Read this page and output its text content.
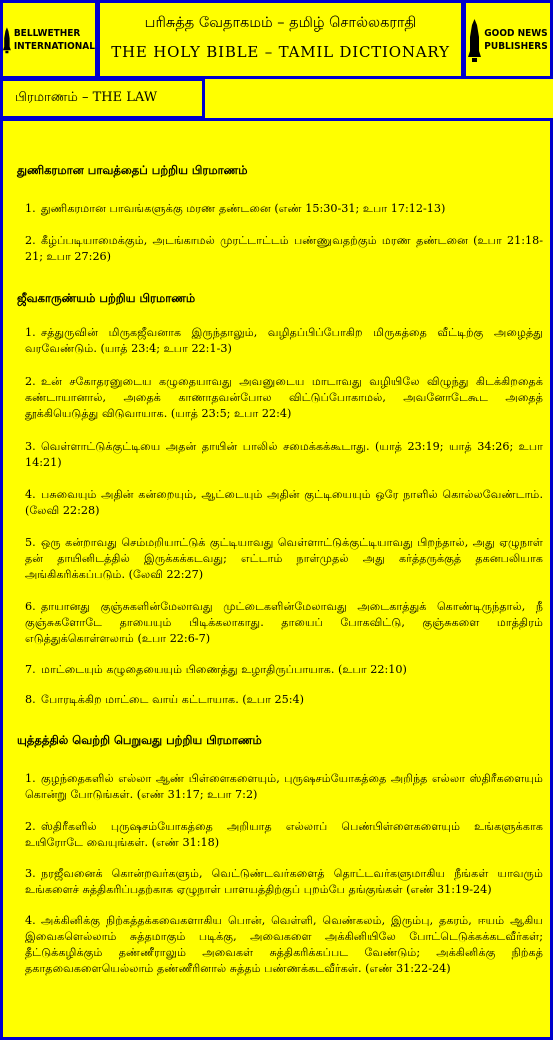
BELLWETHER
INTERNATIONAL
பரிசுத்த வேதாகமம் – தமிழ் சொல்லகராதி
THE HOLY BIBLE – TAMIL DICTIONARY
GOOD NEWS
PUBLISHERS
பிரமாணம் – THE LAW
துணிகரமான பாவத்தைப் பற்றிய பிரமாணம்
1. துணிகரமான பாவங்களுக்கு மரண தண்டனை (எண் 15:30-31; உபா 17:12-13)
2. கீழ்ப்படியாமைக்கும், அடங்காமல் முரட்டாட்டம் பண்ணுவதற்கும் மரண தண்டனை (உபா 21:18-21; உபா 27:26)
ஜீவகாருண்யம் பற்றிய பிரமாணம்
1. சத்துருவின் மிருகஜீவனாக இருந்தாலும், வழிதப்பிப்போகிற மிருகத்தை வீட்டிற்கு அழைத்து வரவேண்டும். (யாத் 23:4; உபா 22:1-3)
2. உன் சகோதரனுடைய கழுதையாவது அவனுடைய மாடாவது வழியிலே விழுந்து கிடக்கிறதைக் கண்டாயானால், அதைக் காணாதவன்போல விட்டுப்போகாமல், அவனோடேகூட அதைத் தூக்கியெடுத்து விடுவாயாக. (யாத் 23:5; உபா 22:4)
3. வெள்ளாட்டுக்குட்டியை அதன் தாயின் பாலில் சமைக்கக்கூடாது. (யாத் 23:19; யாத் 34:26; உபா 14:21)
4. பசுவையும் அதின் கன்றையும், ஆட்டையும் அதின் குட்டியையும் ஒரே நாளில் கொல்லவேண்டாம். (லேவி 22:28)
5. ஒரு கன்றாவது செம்மறியாட்டுக் குட்டியாவது வெள்ளாட்டுக்குட்டியாவது பிறந்தால், அது ஏழுநாள் தன் தாயினிடத்தில் இருக்கக்கடவது; எட்டாம் நாள்முதல் அது கர்த்தருக்குத் தகனபலியாக அங்கிகரிக்கப்படும். (லேவி 22:27)
6. தாயானது குஞ்சுகளின்மேலாவது முட்டைகளின்மேலாவது அடைகாத்துக் கொண்டிருந்தால், நீ குஞ்சுகளோடே தாயையும் பிடிக்கலாகாது. தாயைப் போகவிட்டு, குஞ்சுகளை மாத்திரம் எடுத்துக்கொள்ளலாம் (உபா 22:6-7)
7. மாட்டையும் கழுதையையும் பிணைத்து உழாதிருப்பாயாக. (உபா 22:10)
8. போரடிக்கிற மாட்டை வாய் கட்டாயாக. (உபா 25:4)
யுத்தத்தில் வெற்றி பெறுவது பற்றிய பிரமாணம்
1. குழந்தைகளில் எல்லா ஆண் பிள்ளைகளையும், புருஷசம்யோகத்தை அறிந்த எல்லா ஸ்திரீகளையும் கொன்று போடுங்கள். (எண் 31:17; உபா 7:2)
2. ஸ்திரீகளில் புருஷசம்யோகத்தை அறியாத எல்லாப் பெண்பிள்ளைகளையும் உங்களுக்காக உயிரோடே வையுங்கள். (எண் 31:18)
3. நரஜீவனைக் கொன்றவர்களும், வெட்டுண்டவர்களைத் தொட்டவர்களுமாகிய நீங்கள் யாவரும் உங்களைச் சுத்திகரிப்பதற்காக ஏழுநாள் பாளயத்திற்குப் புறம்பே தங்குங்கள் (எண் 31:19-24)
4. அக்கினிக்கு நிற்கத்தக்கவைகளாகிய பொன், வெள்ளி, வெண்கலம், இரும்பு, தகரம், ஈயம் ஆகிய இவைகளெல்லாம் சுத்தமாகும் படிக்கு, அவைகளை அக்கினியிலே போட்டெடுக்கக்கடவீர்கள்; தீட்டுக்கழிக்கும் தண்ணீராலும் அவைகள் சுத்திகரிக்கப்பட வேண்டும்; அக்கினிக்கு நிற்கத் தகாதவைகளையெல்லாம் தண்ணீரினால் சுத்தம் பண்ணக்கடவீர்கள். (எண் 31:22-24)
